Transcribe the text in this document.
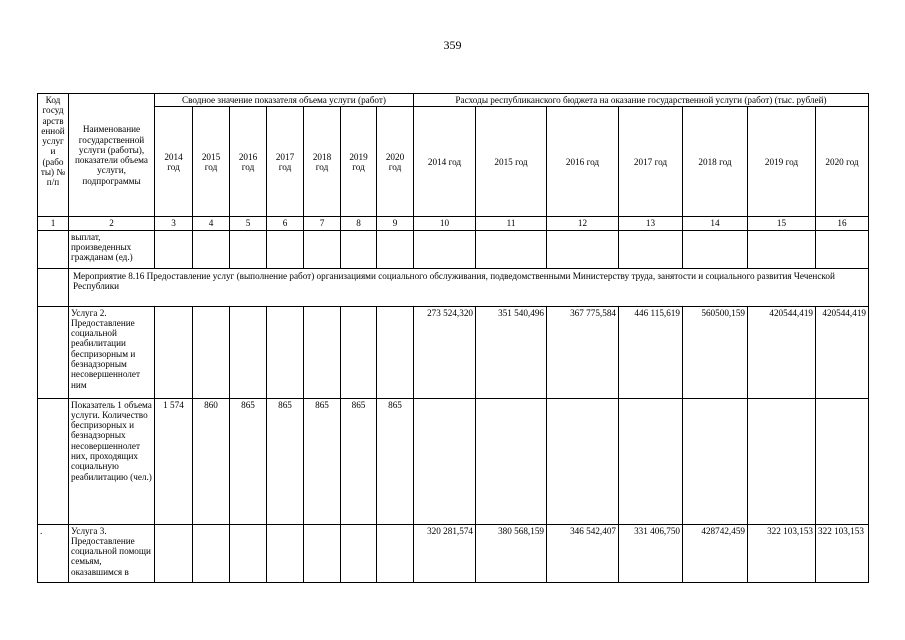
359
Код госуд арств енной услуг и (рабо ты) № п/п	Наименование государственной услуги (работы), показатели объема услуги, подпрограммы	Сводное значение показателя объема услуги (работ)							Расходы республиканского бюджета на оказание государственной услуги (работ) (тыс. рублей)						
		2014 год	2015 год	2016 год	2017 год	2018 год	2019 год	2020 год	2014 год	2015 год	2016 год	2017 год	2018 год	2019 год	2020 год
1	2	3	4	5	6	7	8	9	10	11	12	13	14	15	16
	выплат, произведенных гражданам (ед.)														
	Мероприятие 8.16 Предоставление услуг (выполнение работ) организациями социального обслуживания, подведомственными Министерству труда, занятости и социального развития Чеченской Республики														
	Услуга 2. Предоставление социальной реабилитации беспризорным и безнадзорным несовершеннолет ним								273 524,320	351 540,496	367 775,584	446 115,619	560500,159	420544,419	420544,419
	Показатель 1 объема услуги. Количество беспризорных и безнадзорных несовершеннолет них, проходящих социальную реабилитацию (чел.)	1 574	860	865	865	865	865	865							
.	Услуга 3. Предоставление социальной помощи семьям, оказавшимся в								320 281,574	380 568,159	346 542,407	331 406,750	428742,459	322 103,153	322 103,153
